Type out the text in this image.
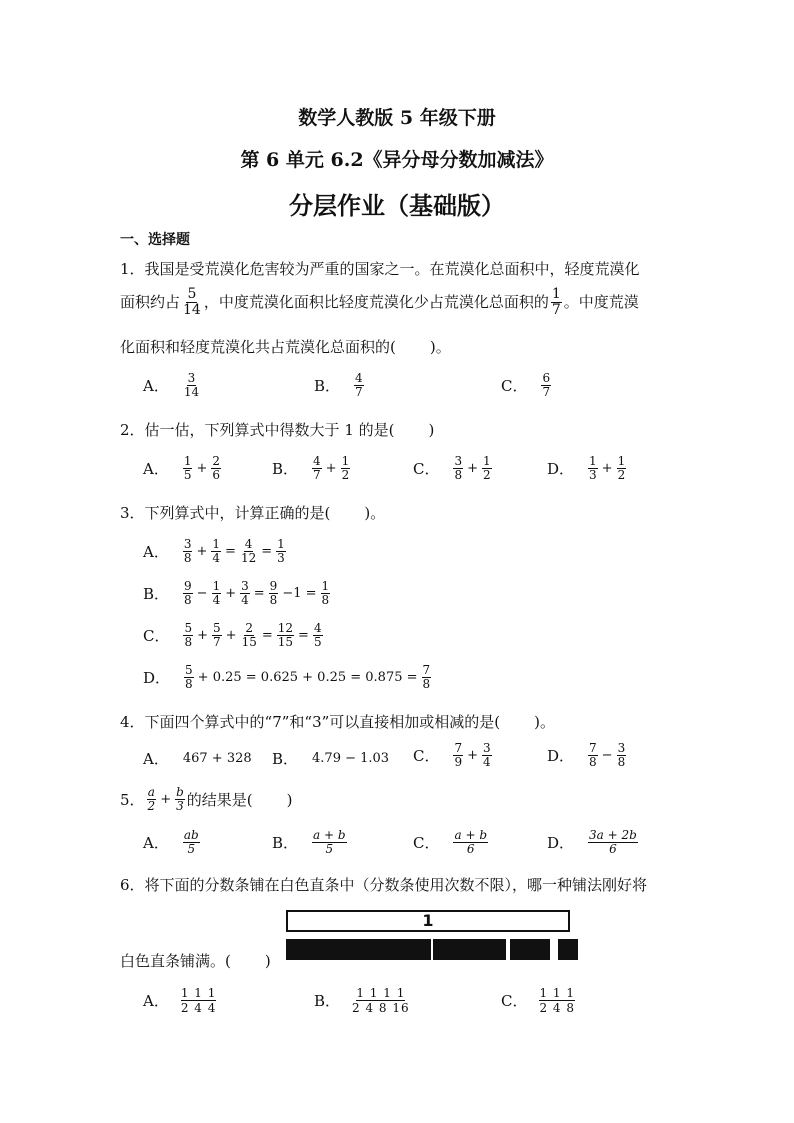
数学人教版 5 年级下册
第 6 单元 6.2《异分母分数加减法》
分层作业（基础版）
一、选择题
1．我国是受荒漠化危害较为严重的国家之一。在荒漠化总面积中，轻度荒漠化
面积约占 $\frac{5}{14}$ ，中度荒漠化面积比轻度荒漠化少占荒漠化总面积的 $\frac{1}{7}$ 。中度荒漠
化面积和轻度荒漠化共占荒漠化总面积的( )。
A． $\frac{3}{14}$	B． $\frac{4}{7}$	C． $\frac{6}{7}$
2．估一估，下列算式中得数大于 1 的是( )
A． $\frac{1}{5} + \frac{2}{6}$	B． $\frac{4}{7} + \frac{1}{2}$	C． $\frac{3}{8} + \frac{1}{2}$	D． $\frac{1}{3} + \frac{1}{2}$
3．下列算式中，计算正确的是( )。
A． $\frac{3}{8} + \frac{1}{4} = \frac{4}{12} = \frac{1}{3}$
B． $\frac{9}{8} - \frac{1}{4} + \frac{3}{4} = \frac{9}{8} -1 = \frac{1}{8}$
C． $\frac{5}{8} + \frac{5}{7} + \frac{2}{15} = \frac{12}{15} = \frac{4}{5}$
D． $\frac{5}{8} + 0.25 = 0.625 + 0.25 = 0.875 = \frac{7}{8}$
4．下面四个算式中的“7”和“3”可以直接相加或相减的是( )。
A． 467 + 328 B． 4.79 − 1.03 C． $\frac{7}{9} + \frac{3}{4}$	D． $\frac{7}{8} - \frac{3}{8}$
5． $\frac{a}{2} + \frac{b}{3}$ 的结果是( )
A． $\frac{ab}{5}$	B． $\frac{a + b}{5}$	C． $\frac{a + b}{6}$	D． $\frac{3a + 2b}{6}$
6．将下面的分数条铺在白色直条中（分数条使用次数不限），哪一种铺法刚好将
1
白色直条铺满。( )
A． 1 1 1
2 4 4	B． 1 1 1 1
2 4 8 16	C． 1 1 1
2 4 8
